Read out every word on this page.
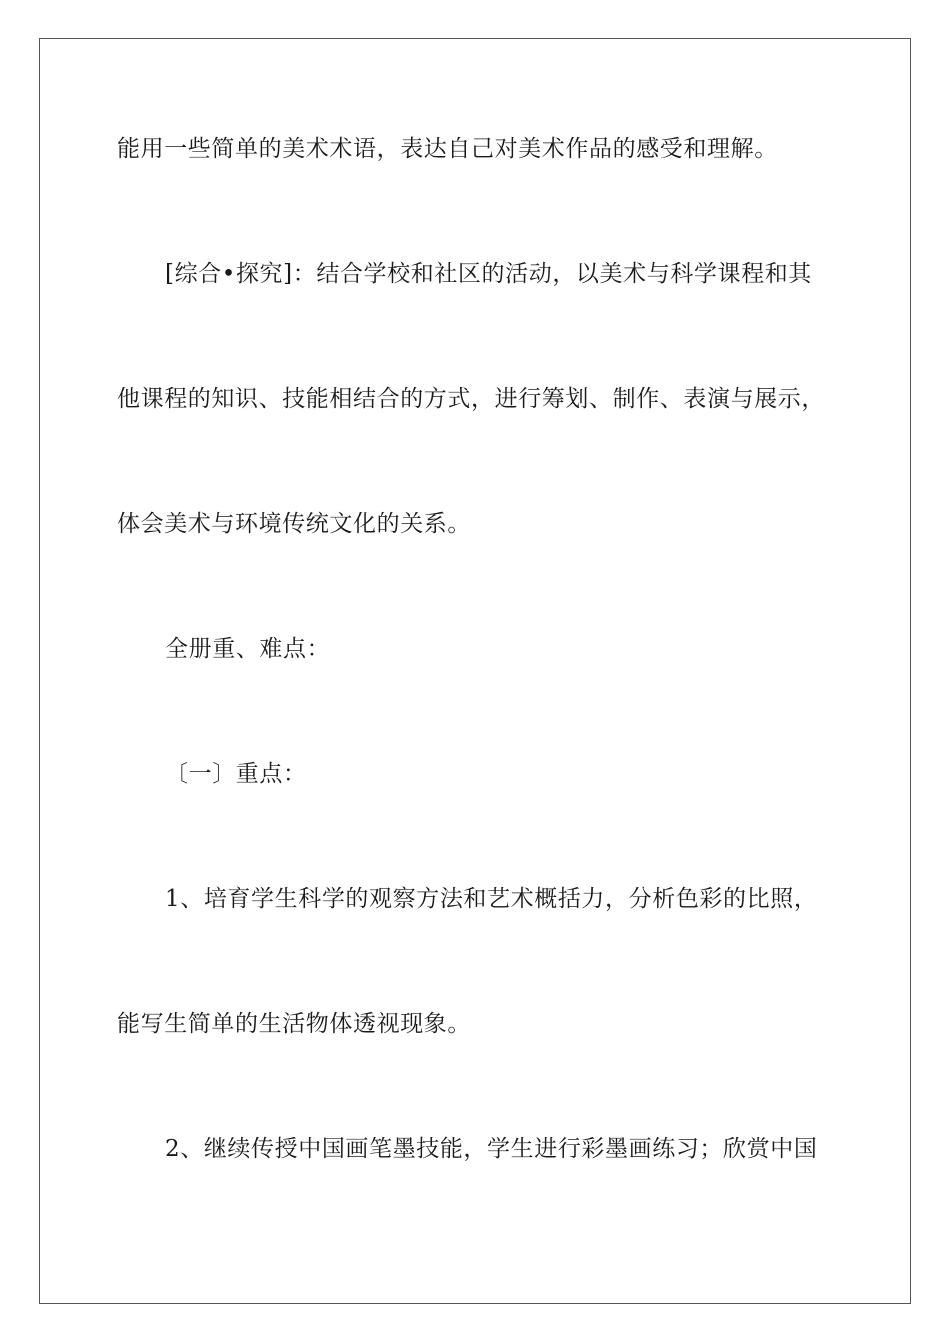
能用一些简单的美术术语，表达自己对美术作品的感受和理解。
[综合•探究]：结合学校和社区的活动，以美术与科学课程和其
他课程的知识、技能相结合的方式，进行筹划、制作、表演与展示，
体会美术与环境传统文化的关系。
全册重、难点：
〔一〕重点：
1、培育学生科学的观察方法和艺术概括力，分析色彩的比照，
能写生简单的生活物体透视现象。
2、继续传授中国画笔墨技能，学生进行彩墨画练习；欣赏中国
